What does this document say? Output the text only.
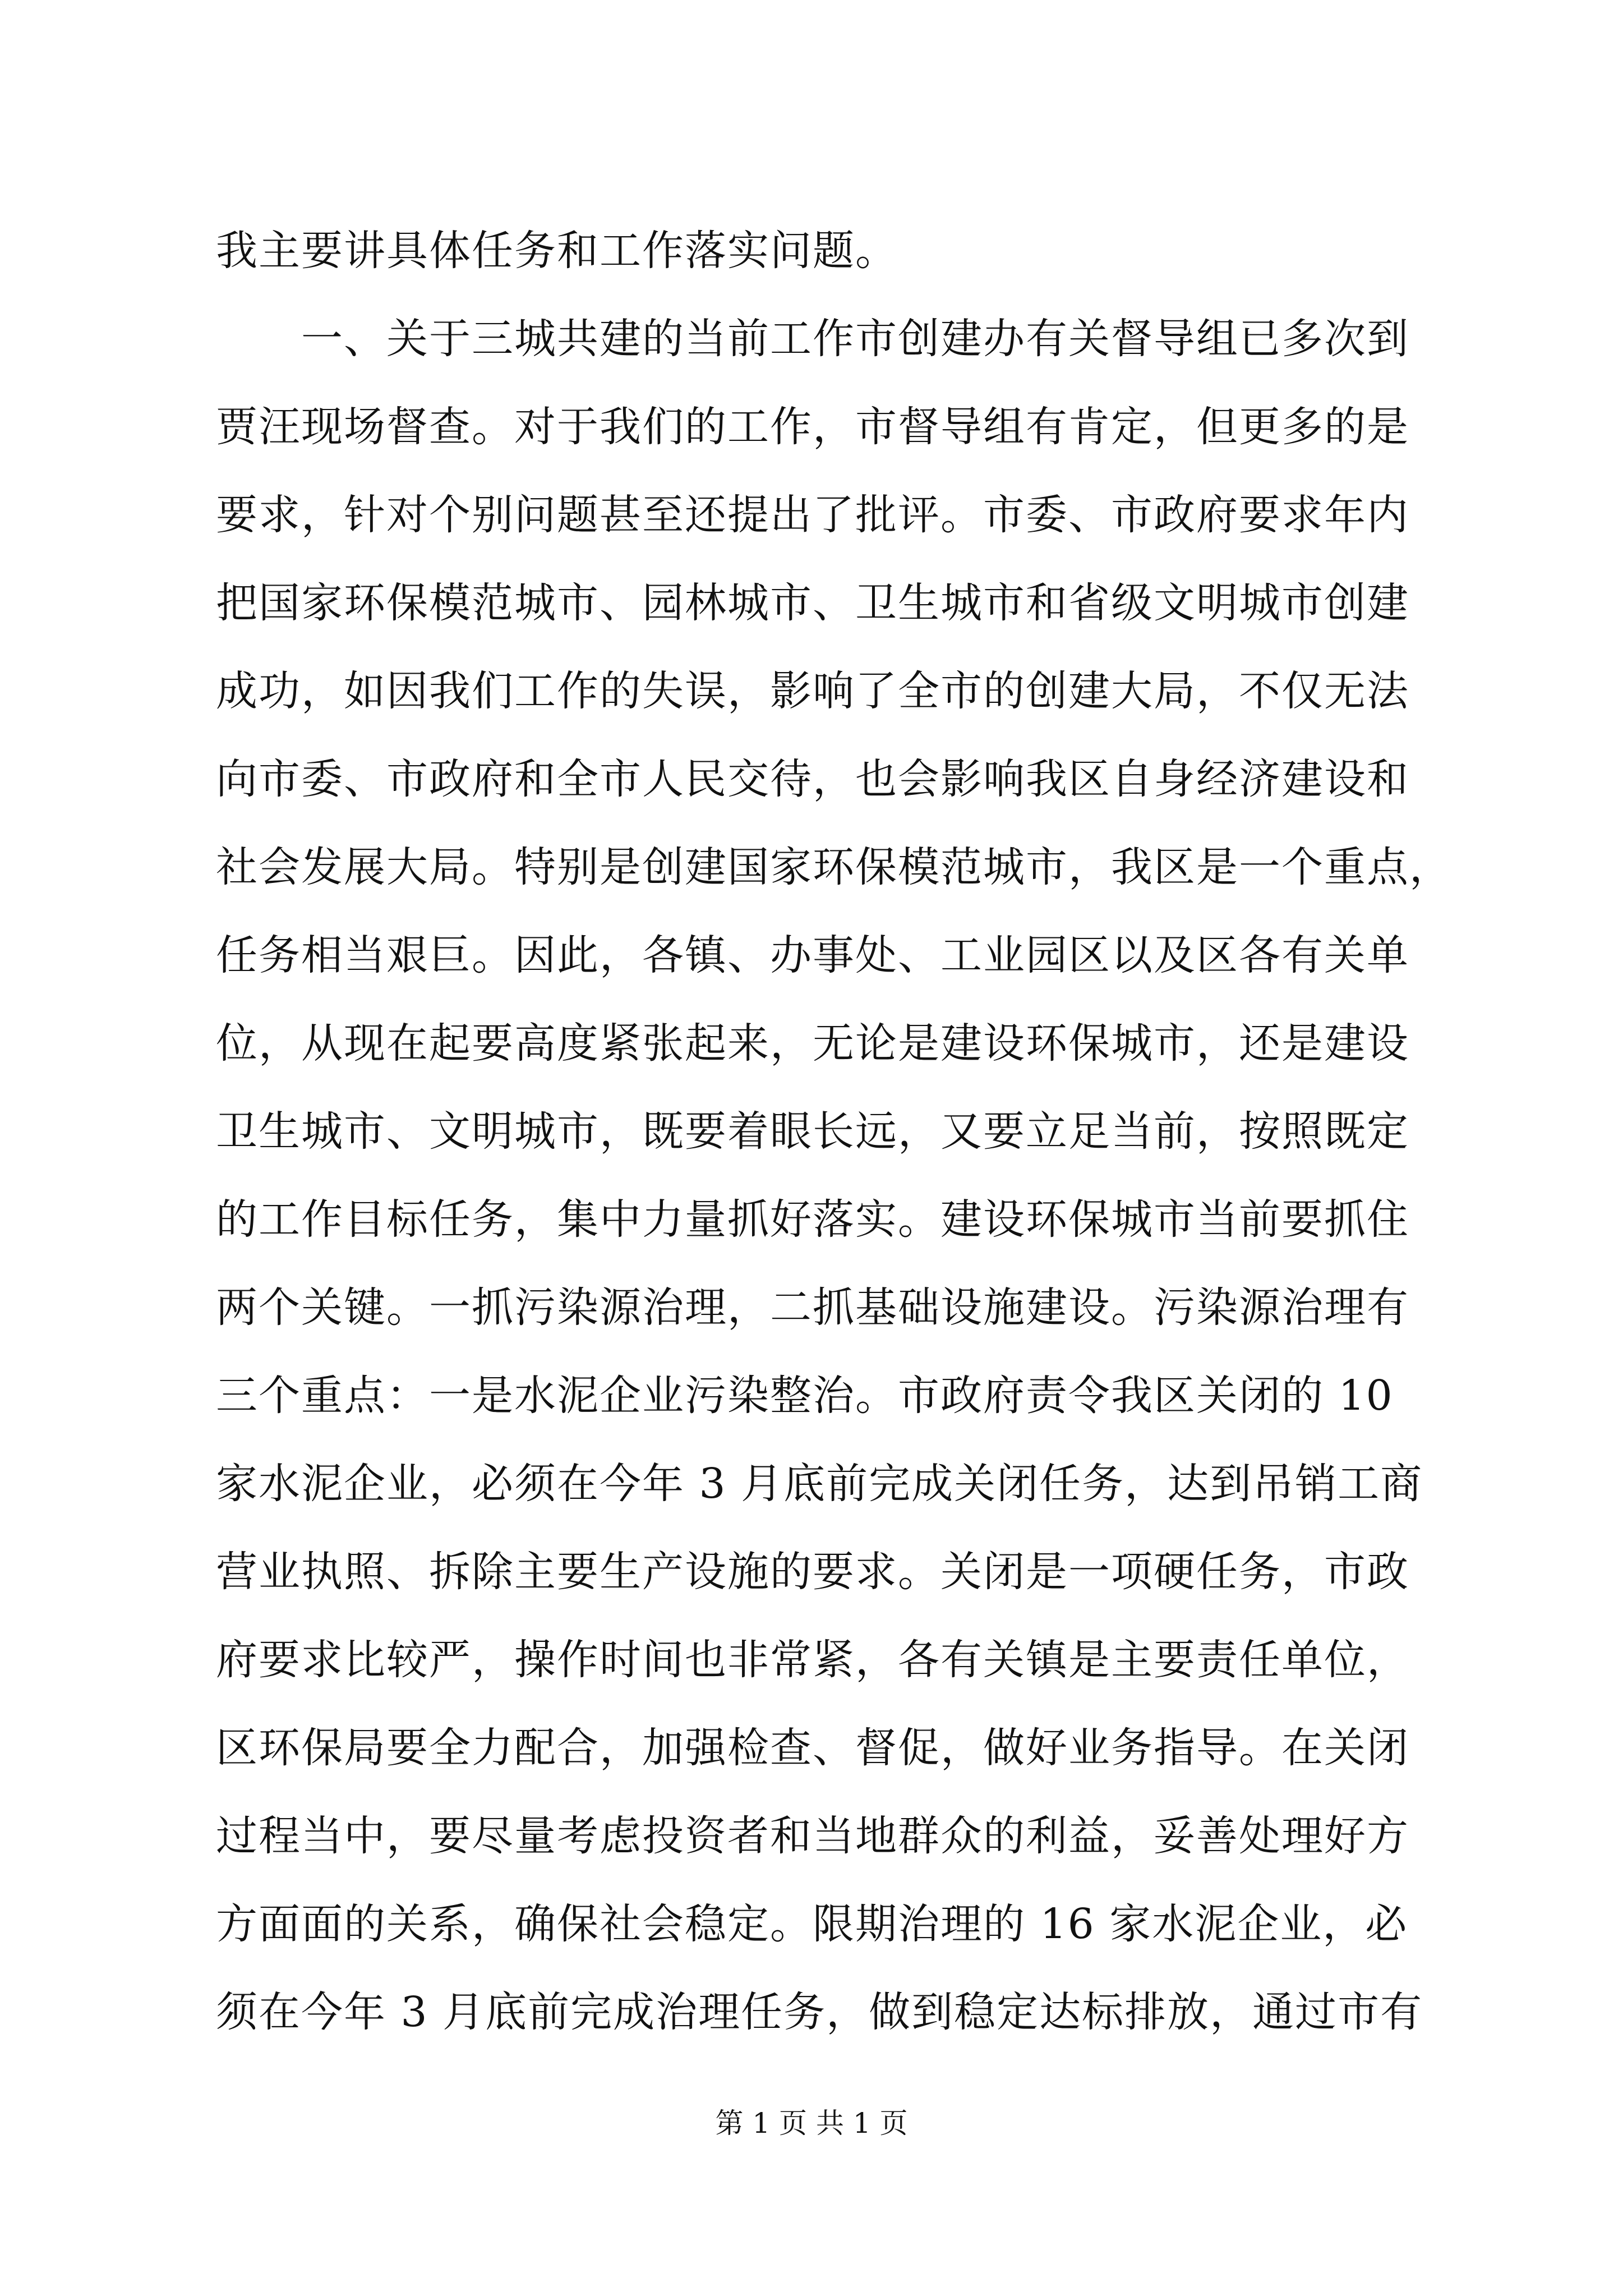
我主要讲具体任务和工作落实问题。
　　一、关于三城共建的当前工作市创建办有关督导组已多次到
贾汪现场督查。对于我们的工作，市督导组有肯定，但更多的是
要求，针对个别问题甚至还提出了批评。市委、市政府要求年内
把国家环保模范城市、园林城市、卫生城市和省级文明城市创建
成功，如因我们工作的失误，影响了全市的创建大局，不仅无法
向市委、市政府和全市人民交待，也会影响我区自身经济建设和
社会发展大局。特别是创建国家环保模范城市，我区是一个重点，
任务相当艰巨。因此，各镇、办事处、工业园区以及区各有关单
位，从现在起要高度紧张起来，无论是建设环保城市，还是建设
卫生城市、文明城市，既要着眼长远，又要立足当前，按照既定
的工作目标任务，集中力量抓好落实。建设环保城市当前要抓住
两个关键。一抓污染源治理，二抓基础设施建设。污染源治理有
三个重点：一是水泥企业污染整治。市政府责令我区关闭的 10
家水泥企业，必须在今年 3 月底前完成关闭任务，达到吊销工商
营业执照、拆除主要生产设施的要求。关闭是一项硬任务，市政
府要求比较严，操作时间也非常紧，各有关镇是主要责任单位，
区环保局要全力配合，加强检查、督促，做好业务指导。在关闭
过程当中，要尽量考虑投资者和当地群众的利益，妥善处理好方
方面面的关系，确保社会稳定。限期治理的 16 家水泥企业，必
须在今年 3 月底前完成治理任务，做到稳定达标排放，通过市有
第 1 页 共 1 页
